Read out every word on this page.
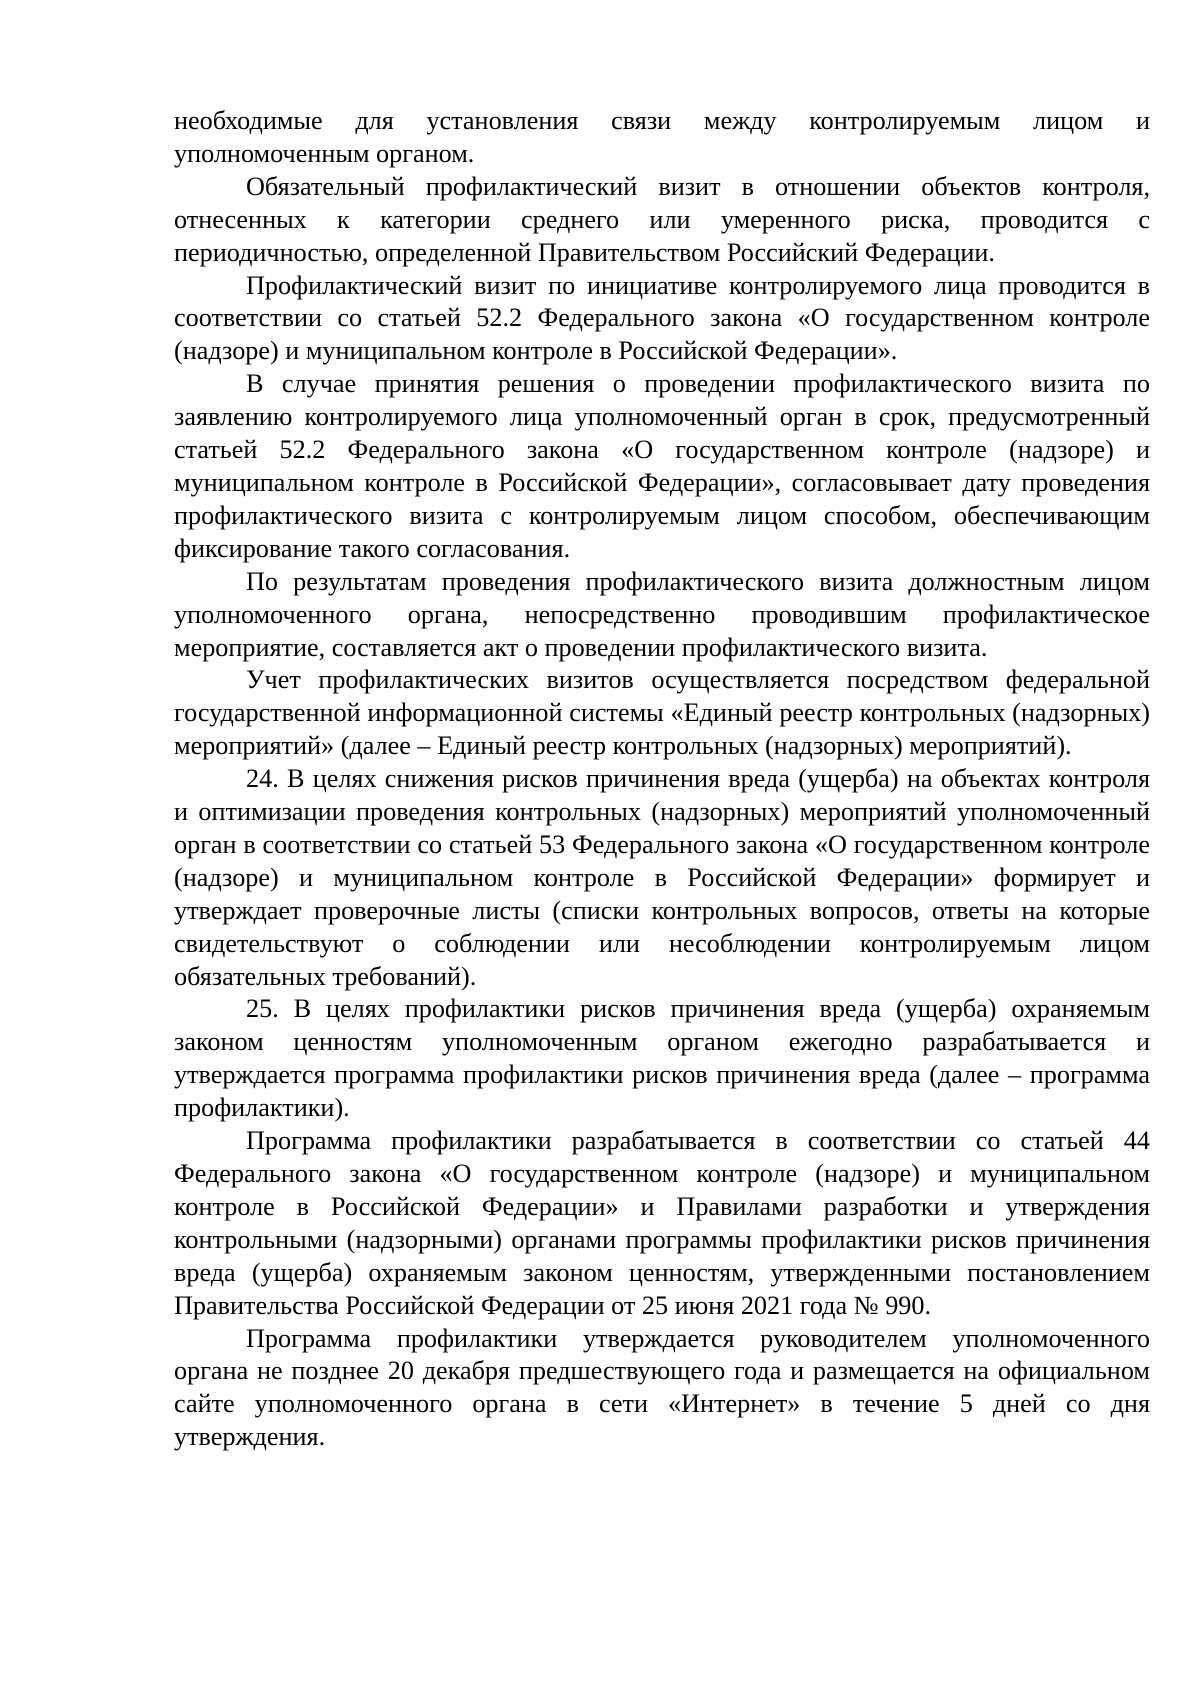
необходимые для установления связи между контролируемым лицом и уполномоченным органом.

Обязательный профилактический визит в отношении объектов контроля, отнесенных к категории среднего или умеренного риска, проводится с периодичностью, определенной Правительством Российский Федерации.

Профилактический визит по инициативе контролируемого лица проводится в соответствии со статьей 52.2 Федерального закона «О государственном контроле (надзоре) и муниципальном контроле в Российской Федерации».

В случае принятия решения о проведении профилактического визита по заявлению контролируемого лица уполномоченный орган в срок, предусмотренный статьей 52.2 Федерального закона «О государственном контроле (надзоре) и муниципальном контроле в Российской Федерации», согласовывает дату проведения профилактического визита с контролируемым лицом способом, обеспечивающим фиксирование такого согласования.

По результатам проведения профилактического визита должностным лицом уполномоченного органа, непосредственно проводившим профилактическое мероприятие, составляется акт о проведении профилактического визита.

Учет профилактических визитов осуществляется посредством федеральной государственной информационной системы «Единый реестр контрольных (надзорных) мероприятий» (далее – Единый реестр контрольных (надзорных) мероприятий).

24. В целях снижения рисков причинения вреда (ущерба) на объектах контроля и оптимизации проведения контрольных (надзорных) мероприятий уполномоченный орган в соответствии со статьей 53 Федерального закона «О государственном контроле (надзоре) и муниципальном контроле в Российской Федерации» формирует и утверждает проверочные листы (списки контрольных вопросов, ответы на которые свидетельствуют о соблюдении или несоблюдении контролируемым лицом обязательных требований).

25. В целях профилактики рисков причинения вреда (ущерба) охраняемым законом ценностям уполномоченным органом ежегодно разрабатывается и утверждается программа профилактики рисков причинения вреда (далее – программа профилактики).

Программа профилактики разрабатывается в соответствии со статьей 44 Федерального закона «О государственном контроле (надзоре) и муниципальном контроле в Российской Федерации» и Правилами разработки и утверждения контрольными (надзорными) органами программы профилактики рисков причинения вреда (ущерба) охраняемым законом ценностям, утвержденными постановлением Правительства Российской Федерации от 25 июня 2021 года № 990.

Программа профилактики утверждается руководителем уполномоченного органа не позднее 20 декабря предшествующего года и размещается на официальном сайте уполномоченного органа в сети «Интернет» в течение 5 дней со дня утверждения.
